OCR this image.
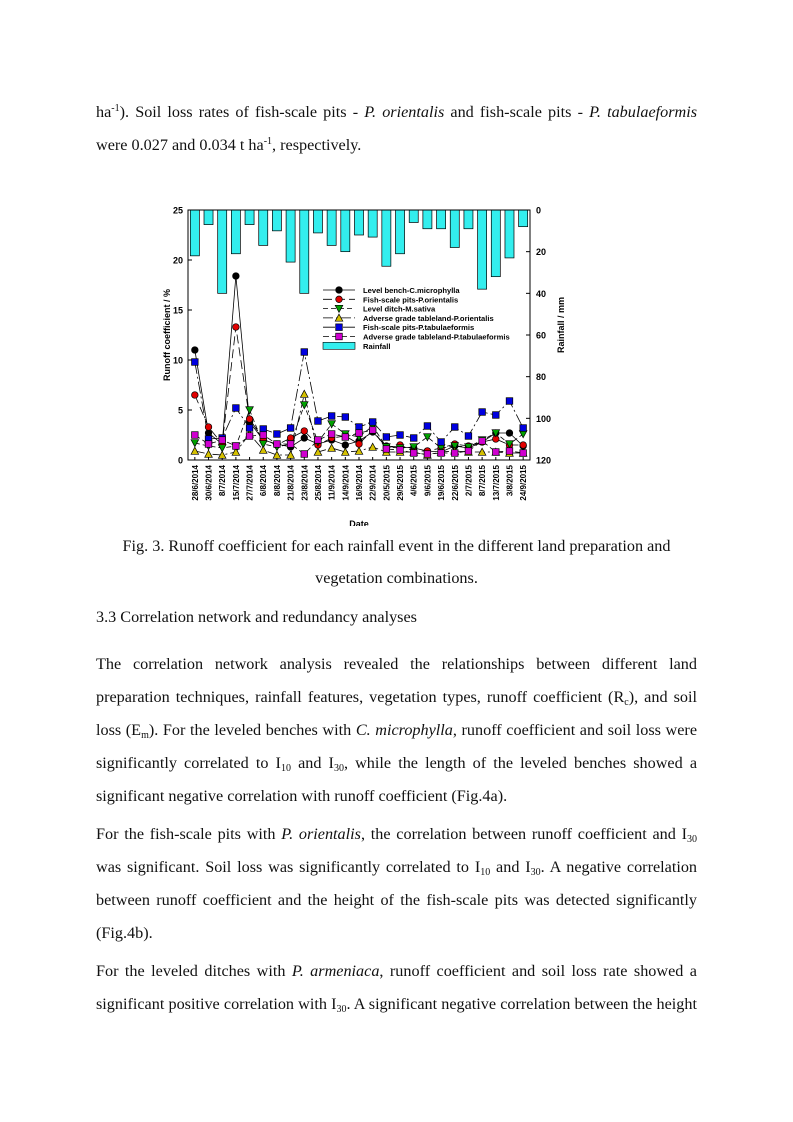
$ha^{-1}$). Soil loss rates of fish-scale pits - P. orientalis and fish-scale pits - P. tabulaeformis

were 0.027 and 0.034 t $ha^{-1}$, respectively.

0
5
10
15
20
25	0
20
40
60
80
100
120
28/6/2014 30/6/2014 8/7/2014 15/7/2014 27/7/2014 6/8/2014 8/8/2014 21/8/2014 23/8/2014 25/8/2014 11/9/2014 14/9/2014 16/9/2014 22/9/2014 20/5/2015 29/5/2015 4/6/2015 9/6/2015 19/6/2015 22/6/2015 2/7/2015 8/7/2015 13/7/2015 3/8/2015 24/9/2015
Date
Runoff coefficient / %	Rainfall / mm
Level bench-C.microphylla
Fish-scale pits-P.orientalis
Level ditch-M.sativa
Adverse grade tableland-P.orientalis
Fish-scale pits-P.tabulaeformis
Adverse grade tableland-P.tabulaeformis
Rainfall
Fig. 3. Runoff coefficient for each rainfall event in the different land preparation and
vegetation combinations.
3.3 Correlation network and redundancy analyses

The correlation network analysis revealed the relationships between different land preparation techniques, rainfall features, vegetation types, runoff coefficient $(R_c)$, and soil loss $(E_m)$. For the leveled benches with C. microphylla, runoff coefficient and soil loss were significantly correlated to $I_{10}$ and $I_{30}$, while the length of the leveled benches showed a significant negative correlation with runoff coefficient (Fig.4a).

For the fish-scale pits with P. orientalis, the correlation between runoff coefficient and $I_{30}$ was significant. Soil loss was significantly correlated to $I_{10}$ and $I_{30}$. A negative correlation between runoff coefficient and the height of the fish-scale pits was detected significantly (Fig.4b).

For the leveled ditches with P. armeniaca, runoff coefficient and soil loss rate showed a significant positive correlation with $I_{30}$. A significant negative correlation between the height
